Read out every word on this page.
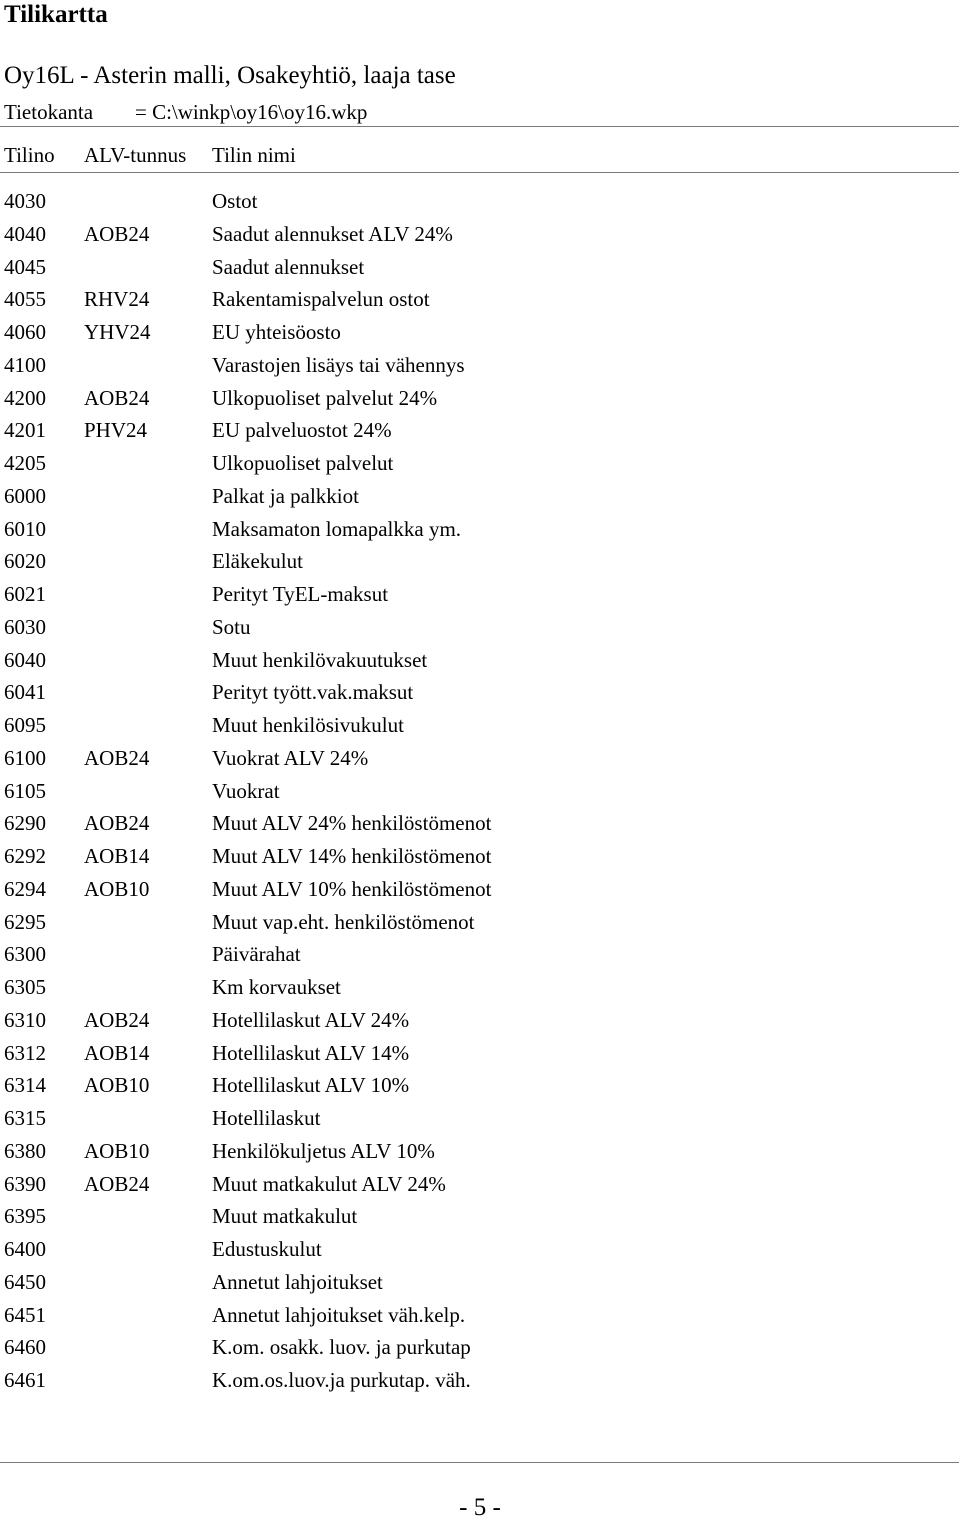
Tilikartta
Oy16L - Asterin malli, Osakeyhtiö, laaja tase
Tietokanta = C:\winkp\oy16\oy16.wkp
Tilino ALV-tunnus Tilin nimi
4030	Ostot
4040 AOB24	Saadut alennukset ALV 24%
4045	Saadut alennukset
4055 RHV24	Rakentamispalvelun ostot
4060 YHV24	EU yhteisöosto
4100	Varastojen lisäys tai vähennys
4200 AOB24	Ulkopuoliset palvelut 24%
4201 PHV24	EU palveluostot 24%
4205	Ulkopuoliset palvelut
6000	Palkat ja palkkiot
6010	Maksamaton lomapalkka ym.
6020	Eläkekulut
6021	Perityt TyEL-maksut
6030	Sotu
6040	Muut henkilövakuutukset
6041	Perityt tyött.vak.maksut
6095	Muut henkilösivukulut
6100 AOB24	Vuokrat ALV 24%
6105	Vuokrat
6290 AOB24	Muut ALV 24% henkilöstömenot
6292 AOB14	Muut ALV 14% henkilöstömenot
6294 AOB10	Muut ALV 10% henkilöstömenot
6295	Muut vap.eht. henkilöstömenot
6300	Päivärahat
6305	Km korvaukset
6310 AOB24	Hotellilaskut ALV 24%
6312 AOB14	Hotellilaskut ALV 14%
6314 AOB10	Hotellilaskut ALV 10%
6315	Hotellilaskut
6380 AOB10	Henkilökuljetus ALV 10%
6390 AOB24	Muut matkakulut ALV 24%
6395	Muut matkakulut
6400	Edustuskulut
6450	Annetut lahjoitukset
6451	Annetut lahjoitukset väh.kelp.
6460	K.om. osakk. luov. ja purkutap
6461	K.om.os.luov.ja purkutap. väh.
- 5 -
